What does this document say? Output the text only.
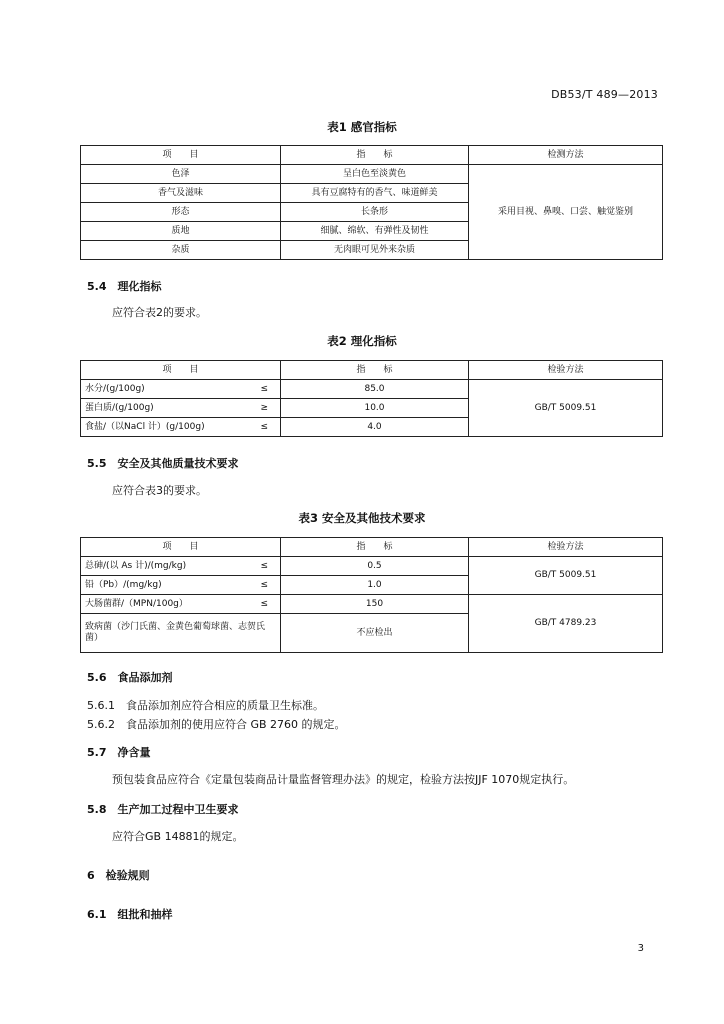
DB53/T 489—2013
表1 感官指标
项　　目	指　　标	检测方法
色泽	呈白色至淡黄色	采用目视、鼻嗅、口尝、触觉鉴别
香气及滋味	具有豆腐特有的香气、味道鲜美	
形态	长条形	
质地	细腻、绵软、有弹性及韧性	
杂质	无肉眼可见外来杂质	
5.4　理化指标
应符合表2的要求。
表2 理化指标
项　　目	指　　标	检验方法
水分/(g/100g) ≤	85.0	GB/T 5009.51
蛋白质/(g/100g) ≥	10.0	
食盐/（以NaCl 计）(g/100g) ≤	4.0	
5.5　安全及其他质量技术要求
应符合表3的要求。
表3 安全及其他技术要求
项　　目	指　　标	检验方法
总砷/(以 As 计)/(mg/kg) ≤	0.5	GB/T 5009.51
铅（Pb）/(mg/kg) ≤	1.0	
大肠菌群/（MPN/100g） ≤	150	GB/T 4789.23
致病菌（沙门氏菌、金黄色葡萄球菌、志贺氏菌）	不应检出	
5.6　食品添加剂
5.6.1　食品添加剂应符合相应的质量卫生标准。
5.6.2　食品添加剂的使用应符合 GB 2760 的规定。
5.7　净含量
预包装食品应符合《定量包装商品计量监督管理办法》的规定，检验方法按JJF 1070规定执行。
5.8　生产加工过程中卫生要求
应符合GB 14881的规定。
6　检验规则
6.1　组批和抽样
3
